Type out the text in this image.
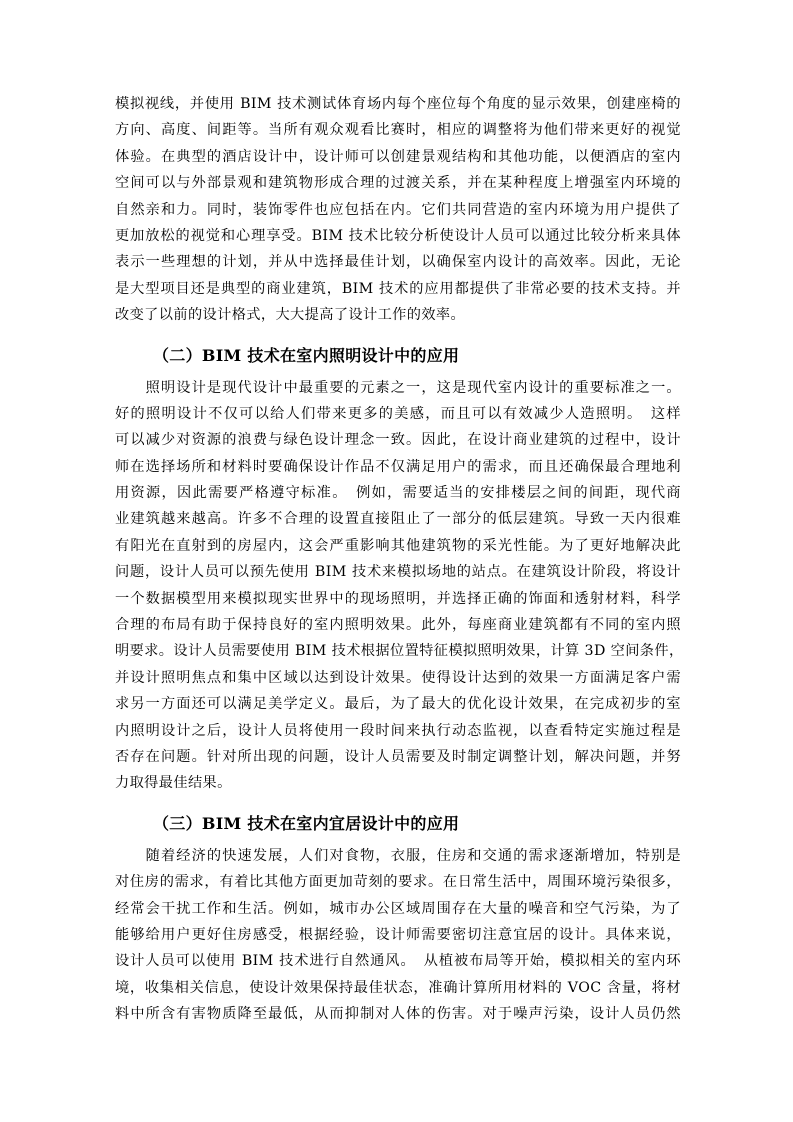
模拟视线，并使用 BIM 技术测试体育场内每个座位每个角度的显示效果，创建座椅的
方向、高度、间距等。当所有观众观看比赛时，相应的调整将为他们带来更好的视觉
体验。在典型的酒店设计中，设计师可以创建景观结构和其他功能，以便酒店的室内
空间可以与外部景观和建筑物形成合理的过渡关系，并在某种程度上增强室内环境的
自然亲和力。同时，装饰零件也应包括在内。它们共同营造的室内环境为用户提供了
更加放松的视觉和心理享受。BIM 技术比较分析使设计人员可以通过比较分析来具体
表示一些理想的计划，并从中选择最佳计划，以确保室内设计的高效率。因此，无论
是大型项目还是典型的商业建筑，BIM 技术的应用都提供了非常必要的技术支持。并
改变了以前的设计格式，大大提高了设计工作的效率。
（二）BIM 技术在室内照明设计中的应用
　　照明设计是现代设计中最重要的元素之一，这是现代室内设计的重要标准之一。
好的照明设计不仅可以给人们带来更多的美感，而且可以有效减少人造照明。　这样
可以减少对资源的浪费与绿色设计理念一致。因此，在设计商业建筑的过程中，设计
师在选择场所和材料时要确保设计作品不仅满足用户的需求，而且还确保最合理地利
用资源，因此需要严格遵守标准。　例如，需要适当的安排楼层之间的间距，现代商
业建筑越来越高。许多不合理的设置直接阻止了一部分的低层建筑。导致一天内很难
有阳光在直射到的房屋内，这会严重影响其他建筑物的采光性能。为了更好地解决此
问题，设计人员可以预先使用 BIM 技术来模拟场地的站点。在建筑设计阶段，将设计
一个数据模型用来模拟现实世界中的现场照明，并选择正确的饰面和透射材料，科学
合理的布局有助于保持良好的室内照明效果。此外，每座商业建筑都有不同的室内照
明要求。设计人员需要使用 BIM 技术根据位置特征模拟照明效果，计算 3D 空间条件，
并设计照明焦点和集中区域以达到设计效果。使得设计达到的效果一方面满足客户需
求另一方面还可以满足美学定义。最后，为了最大的优化设计效果，在完成初步的室
内照明设计之后，设计人员将使用一段时间来执行动态监视，以查看特定实施过程是
否存在问题。针对所出现的问题，设计人员需要及时制定调整计划，解决问题，并努
力取得最佳结果。
（三）BIM 技术在室内宜居设计中的应用
　　随着经济的快速发展，人们对食物，衣服，住房和交通的需求逐渐增加，特别是
对住房的需求，有着比其他方面更加苛刻的要求。在日常生活中，周围环境污染很多，
经常会干扰工作和生活。例如，城市办公区域周围存在大量的噪音和空气污染，为了
能够给用户更好住房感受，根据经验，设计师需要密切注意宜居的设计。具体来说，
设计人员可以使用 BIM 技术进行自然通风。　从植被布局等开始，模拟相关的室内环
境，收集相关信息，使设计效果保持最佳状态，准确计算所用材料的 VOC 含量，将材
料中所含有害物质降至最低，从而抑制对人体的伤害。对于噪声污染，设计人员仍然
